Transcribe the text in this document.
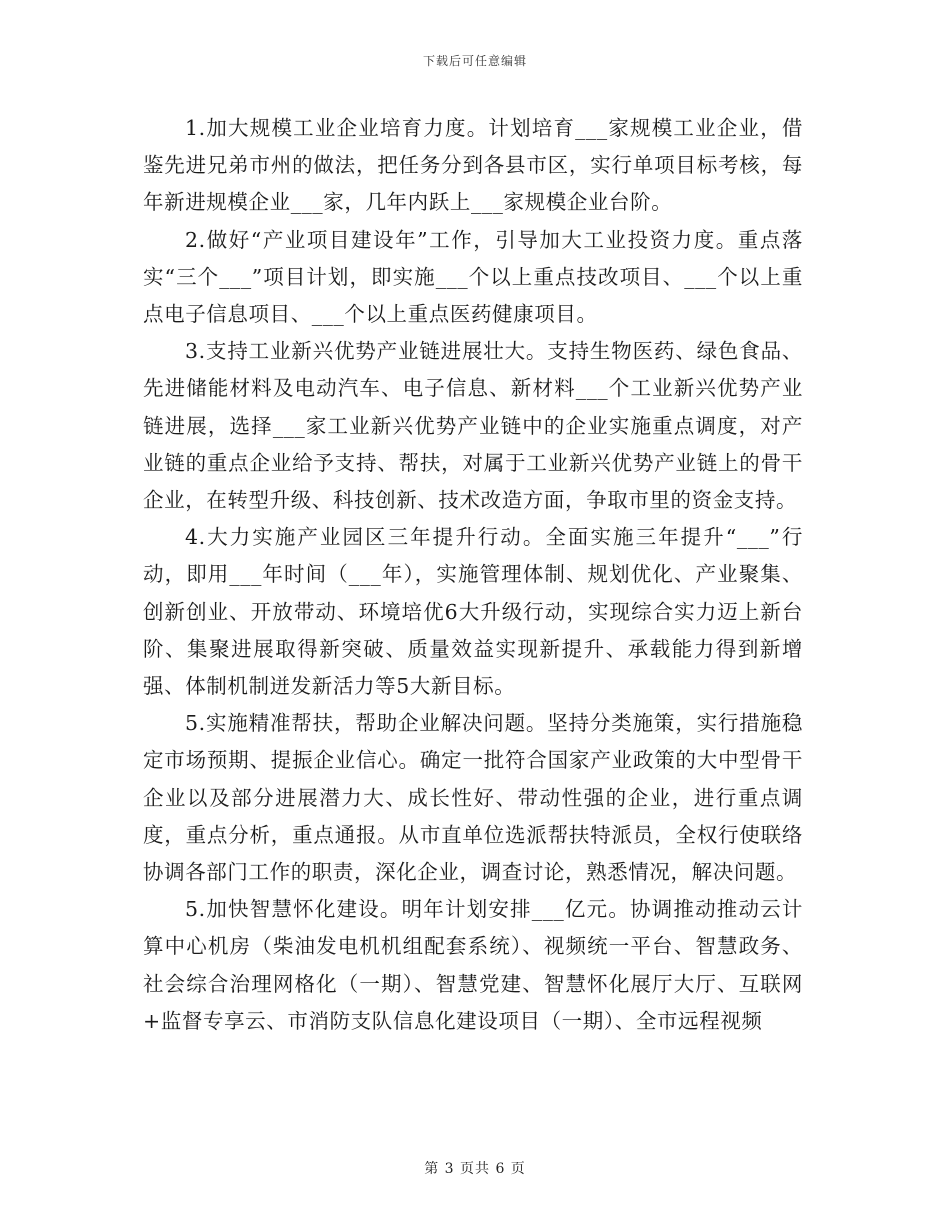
下载后可任意编辑

1.加大规模工业企业培育力度。计划培育___家规模工业企业，借鉴先进兄弟市州的做法，把任务分到各县市区，实行单项目标考核，每年新进规模企业___家，几年内跃上___家规模企业台阶。

2.做好“产业项目建设年”工作，引导加大工业投资力度。重点落实“三个___”项目计划，即实施___个以上重点技改项目、___个以上重点电子信息项目、___个以上重点医药健康项目。

3.支持工业新兴优势产业链进展壮大。支持生物医药、绿色食品、先进储能材料及电动汽车、电子信息、新材料___个工业新兴优势产业链进展，选择___家工业新兴优势产业链中的企业实施重点调度，对产业链的重点企业给予支持、帮扶，对属于工业新兴优势产业链上的骨干企业，在转型升级、科技创新、技术改造方面，争取市里的资金支持。

4.大力实施产业园区三年提升行动。全面实施三年提升“___”行动，即用___年时间（___年），实施管理体制、规划优化、产业聚集、创新创业、开放带动、环境培优6大升级行动，实现综合实力迈上新台阶、集聚进展取得新突破、质量效益实现新提升、承载能力得到新增强、体制机制迸发新活力等5大新目标。

5.实施精准帮扶，帮助企业解决问题。坚持分类施策，实行措施稳定市场预期、提振企业信心。确定一批符合国家产业政策的大中型骨干企业以及部分进展潜力大、成长性好、带动性强的企业，进行重点调度，重点分析，重点通报。从市直单位选派帮扶特派员，全权行使联络协调各部门工作的职责，深化企业，调查讨论，熟悉情况，解决问题。

5.加快智慧怀化建设。明年计划安排___亿元。协调推动推动云计算中心机房（柴油发电机机组配套系统）、视频统一平台、智慧政务、社会综合治理网格化（一期）、智慧党建、智慧怀化展厅大厅、互联网+监督专享云、市消防支队信息化建设项目（一期）、全市远程视频

第 3 页共 6 页
